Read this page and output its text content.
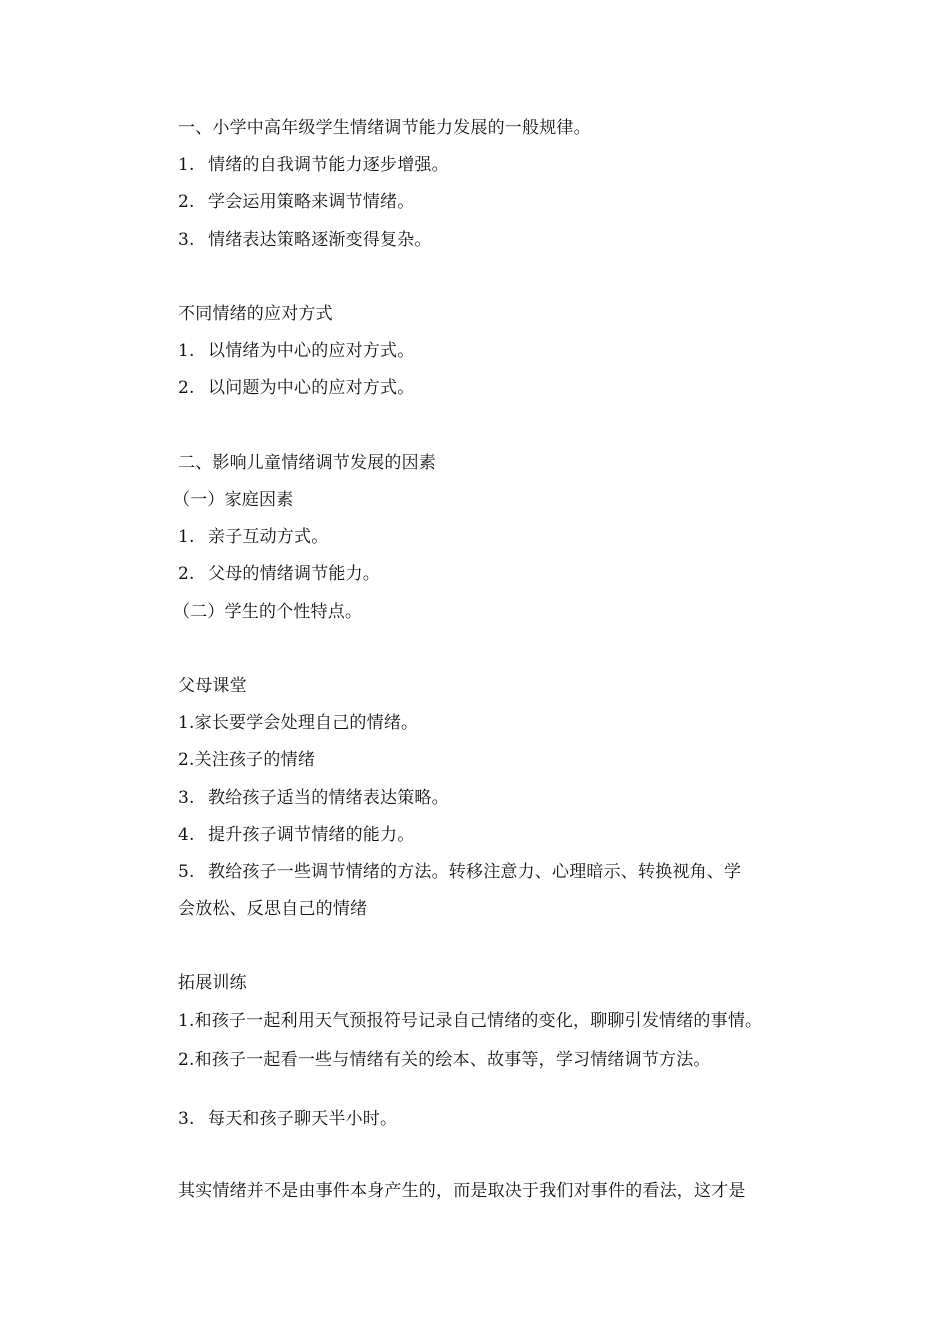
一、小学中高年级学生情绪调节能力发展的一般规律。
1. 情绪的自我调节能力逐步增强。
2. 学会运用策略来调节情绪。
3. 情绪表达策略逐渐变得复杂。
不同情绪的应对方式
1. 以情绪为中心的应对方式。
2. 以问题为中心的应对方式。
二、影响儿童情绪调节发展的因素
（一）家庭因素
1. 亲子互动方式。
2. 父母的情绪调节能力。
（二）学生的个性特点。
父母课堂
1.家长要学会处理自己的情绪。
2.关注孩子的情绪
3. 教给孩子适当的情绪表达策略。
4. 提升孩子调节情绪的能力。
5. 教给孩子一些调节情绪的方法。转移注意力、心理暗示、转换视角、学
会放松、反思自己的情绪
拓展训练
1.和孩子一起利用天气预报符号记录自己情绪的变化，聊聊引发情绪的事情。
2.和孩子一起看一些与情绪有关的绘本、故事等，学习情绪调节方法。
3. 每天和孩子聊天半小时。
其实情绪并不是由事件本身产生的，而是取决于我们对事件的看法，这才是
